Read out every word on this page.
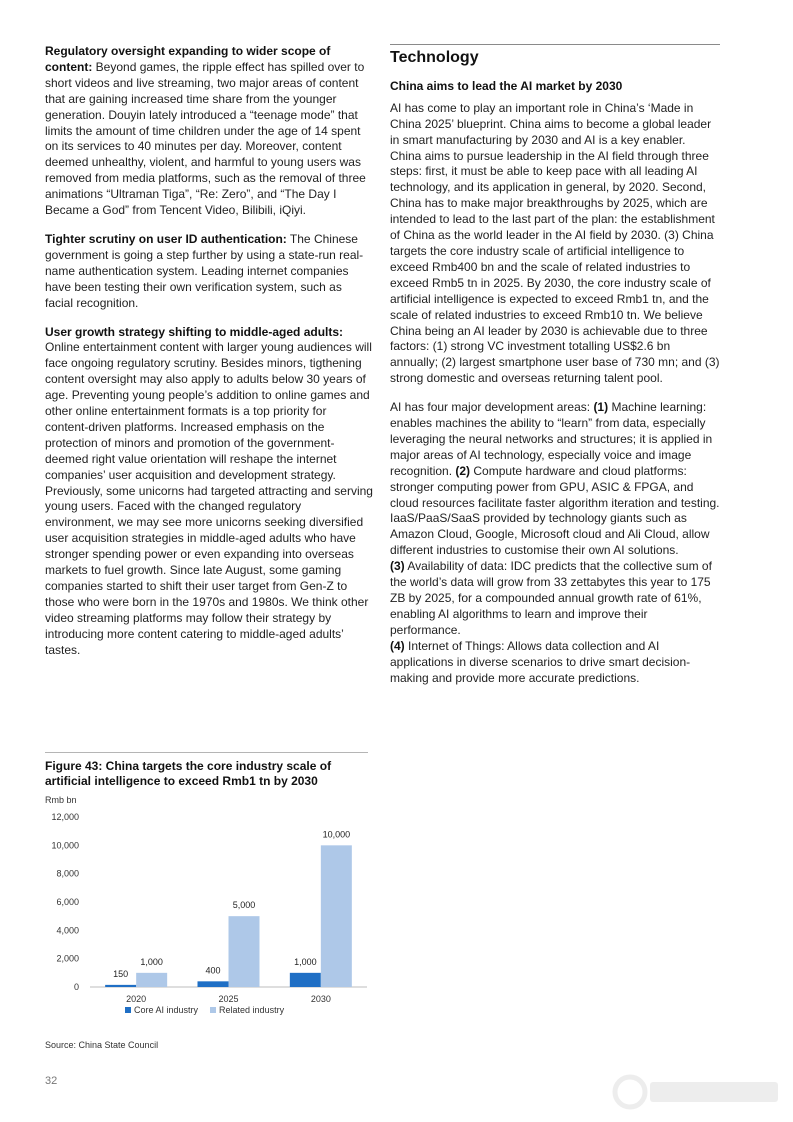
Regulatory oversight expanding to wider scope of content: Beyond games, the ripple effect has spilled over to short videos and live streaming, two major areas of content that are gaining increased time share from the younger generation. Douyin lately introduced a “teenage mode” that limits the amount of time children under the age of 14 spent on its services to 40 minutes per day. Moreover, content deemed unhealthy, violent, and harmful to young users was removed from media platforms, such as the removal of three animations “Ultraman Tiga”, “Re: Zero”, and “The Day I Became a God” from Tencent Video, Bilibili, iQiyi.

Tighter scrutiny on user ID authentication: The Chinese government is going a step further by using a state-run real-name authentication system. Leading internet companies have been testing their own verification system, such as facial recognition.

User growth strategy shifting to middle-aged adults: Online entertainment content with larger young audiences will face ongoing regulatory scrutiny. Besides minors, tigthening content oversight may also apply to adults below 30 years of age. Preventing young people’s addition to online games and other online entertainment formats is a top priority for content-driven platforms. Increased emphasis on the protection of minors and promotion of the government-deemed right value orientation will reshape the internet companies’ user acquisition and development strategy. Previously, some unicorns had targeted attracting and serving young users. Faced with the changed regulatory environment, we may see more unicorns seeking diversified user acquisition strategies in middle-aged adults who have stronger spending power or even expanding into overseas markets to fuel growth. Since late August, some gaming companies started to shift their user target from Gen-Z to those who were born in the 1970s and 1980s. We think other video streaming platforms may follow their strategy by introducing more content catering to middle-aged adults’ tastes.

Technology
China aims to lead the AI market by 2030

AI has come to play an important role in China’s ‘Made in China 2025’ blueprint. China aims to become a global leader in smart manufacturing by 2030 and AI is a key enabler. China aims to pursue leadership in the AI field through three steps: first, it must be able to keep pace with all leading AI technology, and its application in general, by 2020. Second, China has to make major breakthroughs by 2025, which are intended to lead to the last part of the plan: the establishment of China as the world leader in the AI field by 2030. (3) China targets the core industry scale of artificial intelligence to exceed Rmb400 bn and the scale of related industries to exceed Rmb5 tn in 2025. By 2030, the core industry scale of artificial intelligence is expected to exceed Rmb1 tn, and the scale of related industries to exceed Rmb10 tn. We believe China being an AI leader by 2030 is achievable due to three factors: (1) strong VC investment totalling US$2.6 bn annually; (2) largest smartphone user base of 730 mn; and (3) strong domestic and overseas returning talent pool.

AI has four major development areas: (1) Machine learning: enables machines the ability to “learn” from data, especially leveraging the neural networks and structures; it is applied in major areas of AI technology, especially voice and image recognition. (2) Compute hardware and cloud platforms: stronger computing power from GPU, ASIC & FPGA, and cloud resources facilitate faster algorithm iteration and testing. IaaS/PaaS/SaaS provided by technology giants such as Amazon Cloud, Google, Microsoft cloud and Ali Cloud, allow different industries to customise their own AI solutions.
(3) Availability of data: IDC predicts that the collective sum of the world’s data will grow from 33 zettabytes this year to 175 ZB by 2025, for a compounded annual growth rate of 61%, enabling AI algorithms to learn and improve their performance.
(4) Internet of Things: Allows data collection and AI applications in diverse scenarios to drive smart decision-making and provide more accurate predictions.

Figure 43: China targets the core industry scale of artificial intelligence to exceed Rmb1 tn by 2030
Rmb bn
0
2,000
4,000
6,000
8,000
10,000
12,000
150
1,000
2020
400
5,000
2025
1,000
10,000
2030
Core AI industry Related industry
Source: China State Council
32
